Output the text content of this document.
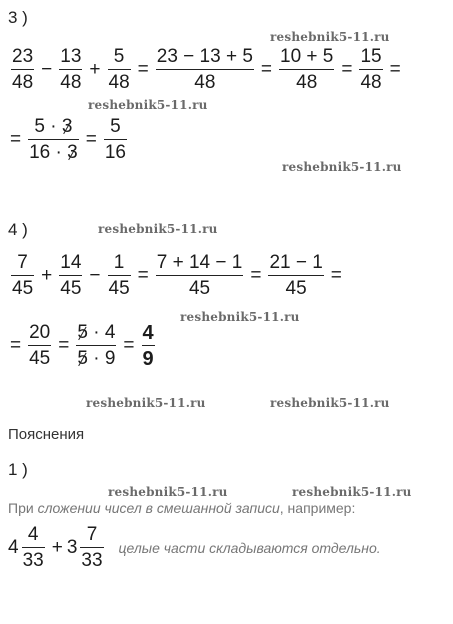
3 )
reshebnik5-11.ru
$\frac{23}{48} - \frac{13}{48} + \frac{5}{48} = \frac{23 - 13 + 5}{48} = \frac{10 + 5}{48} = \frac{15}{48}$ =
reshebnik5-11.ru
= $\frac{5 \cdot 3}{16 \cdot 3} = \frac{5}{16}$
reshebnik5-11.ru
4 )	reshebnik5-11.ru
$\frac{7}{45} + \frac{14}{45} - \frac{1}{45} = \frac{7 + 14 - 1}{45} = \frac{21 - 1}{45}$ =
reshebnik5-11.ru
= $\frac{20}{45} = \frac{5 \cdot 4}{5 \cdot 9} = \frac{4}{9}$
reshebnik5-11.ru	reshebnik5-11.ru
Пояснения
1 )
reshebnik5-11.ru	reshebnik5-11.ru
При сложении чисел в смешанной записи, например:
$4 \frac{4}{33} + 3 \frac{7}{33}$ целые части складываются отдельно.
